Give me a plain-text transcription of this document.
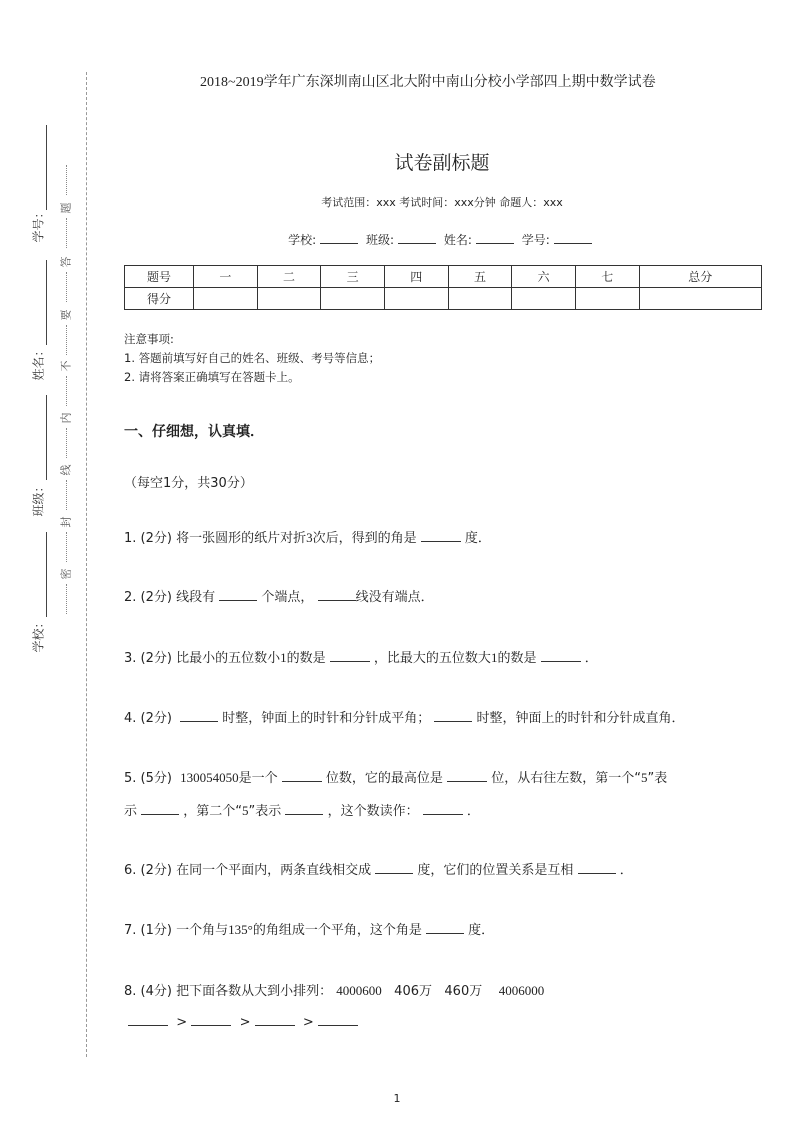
学号：
姓名：
班级：
学校：
题
答
要
不
内
线
封
密
2018~2019学年广东深圳南山区北大附中南山分校小学部四上期中数学试卷
试卷副标题
考试范围：xxx 考试时间：xxx分钟 命题人：xxx
学校:	班级:	姓名:	学号:
题号	一	二	三	四	五	六	七	总分
得分								
注意事项:
1. 答题前填写好自己的姓名、班级、考号等信息；
2. 请将答案正确填写在答题卡上。
一、仔细想，认真填．
（每空1分，共30分）
1. (2分) 将一张圆形的纸片对折3次后，得到的角是	度．
2. (2分) 线段有	个端点，	线没有端点．
3. (2分) 比最小的五位数小1的数是	，比最大的五位数大1的数是	．
4. (2分)	时整，钟面上的时针和分针成平角；	时整，钟面上的时针和分针成直角．
5. (5分) 130054050是一个	位数，它的最高位是	位，从右往左数，第一个“5”表
示	，第二个“5”表示	，这个数读作：	．
6. (2分) 在同一个平面内，两条直线相交成	度，它们的位置关系是互相	．
7. (1分) 一个角与135°的角组成一个平角，这个角是	度．
8. (4分) 把下面各数从大到小排列： 4000600 406万 460万 4006000
>	>	>
1
